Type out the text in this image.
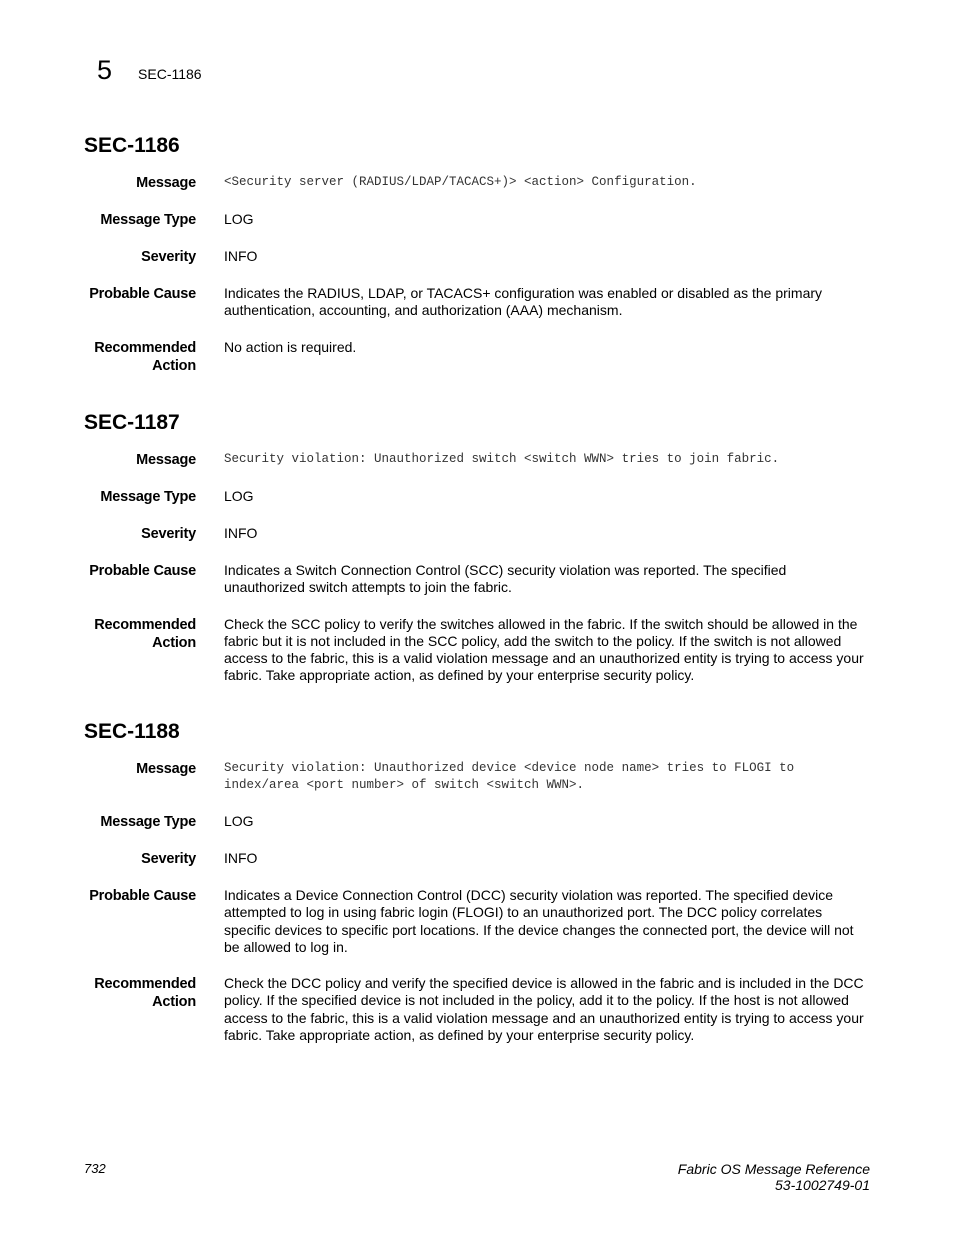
5 SEC-1186
SEC-1186
Message <Security server (RADIUS/LDAP/TACACS+)> <action> Configuration.
Message Type LOG
Severity INFO
Probable Cause Indicates the RADIUS, LDAP, or TACACS+ configuration was enabled or disabled as the primary authentication, accounting, and authorization (AAA) mechanism.
Recommended Action
No action is required.
SEC-1187
Message Security violation: Unauthorized switch <switch WWN> tries to join fabric.
Message Type LOG
Severity INFO
Probable Cause Indicates a Switch Connection Control (SCC) security violation was reported. The specified unauthorized switch attempts to join the fabric.
Recommended Action
Check the SCC policy to verify the switches allowed in the fabric. If the switch should be allowed in the fabric but it is not included in the SCC policy, add the switch to the policy. If the switch is not allowed access to the fabric, this is a valid violation message and an unauthorized entity is trying to access your fabric. Take appropriate action, as defined by your enterprise security policy.
SEC-1188
Message Security violation: Unauthorized device <device node name> tries to FLOGI to index/area <port number> of switch <switch WWN>.
Message Type LOG
Severity INFO
Probable Cause Indicates a Device Connection Control (DCC) security violation was reported. The specified device attempted to log in using fabric login (FLOGI) to an unauthorized port. The DCC policy correlates specific devices to specific port locations. If the device changes the connected port, the device will not be allowed to log in.
Recommended Action
Check the DCC policy and verify the specified device is allowed in the fabric and is included in the DCC policy. If the specified device is not included in the policy, add it to the policy. If the host is not allowed access to the fabric, this is a valid violation message and an unauthorized entity is trying to access your fabric. Take appropriate action, as defined by your enterprise security policy.
732	Fabric OS Message Reference
53-1002749-01
